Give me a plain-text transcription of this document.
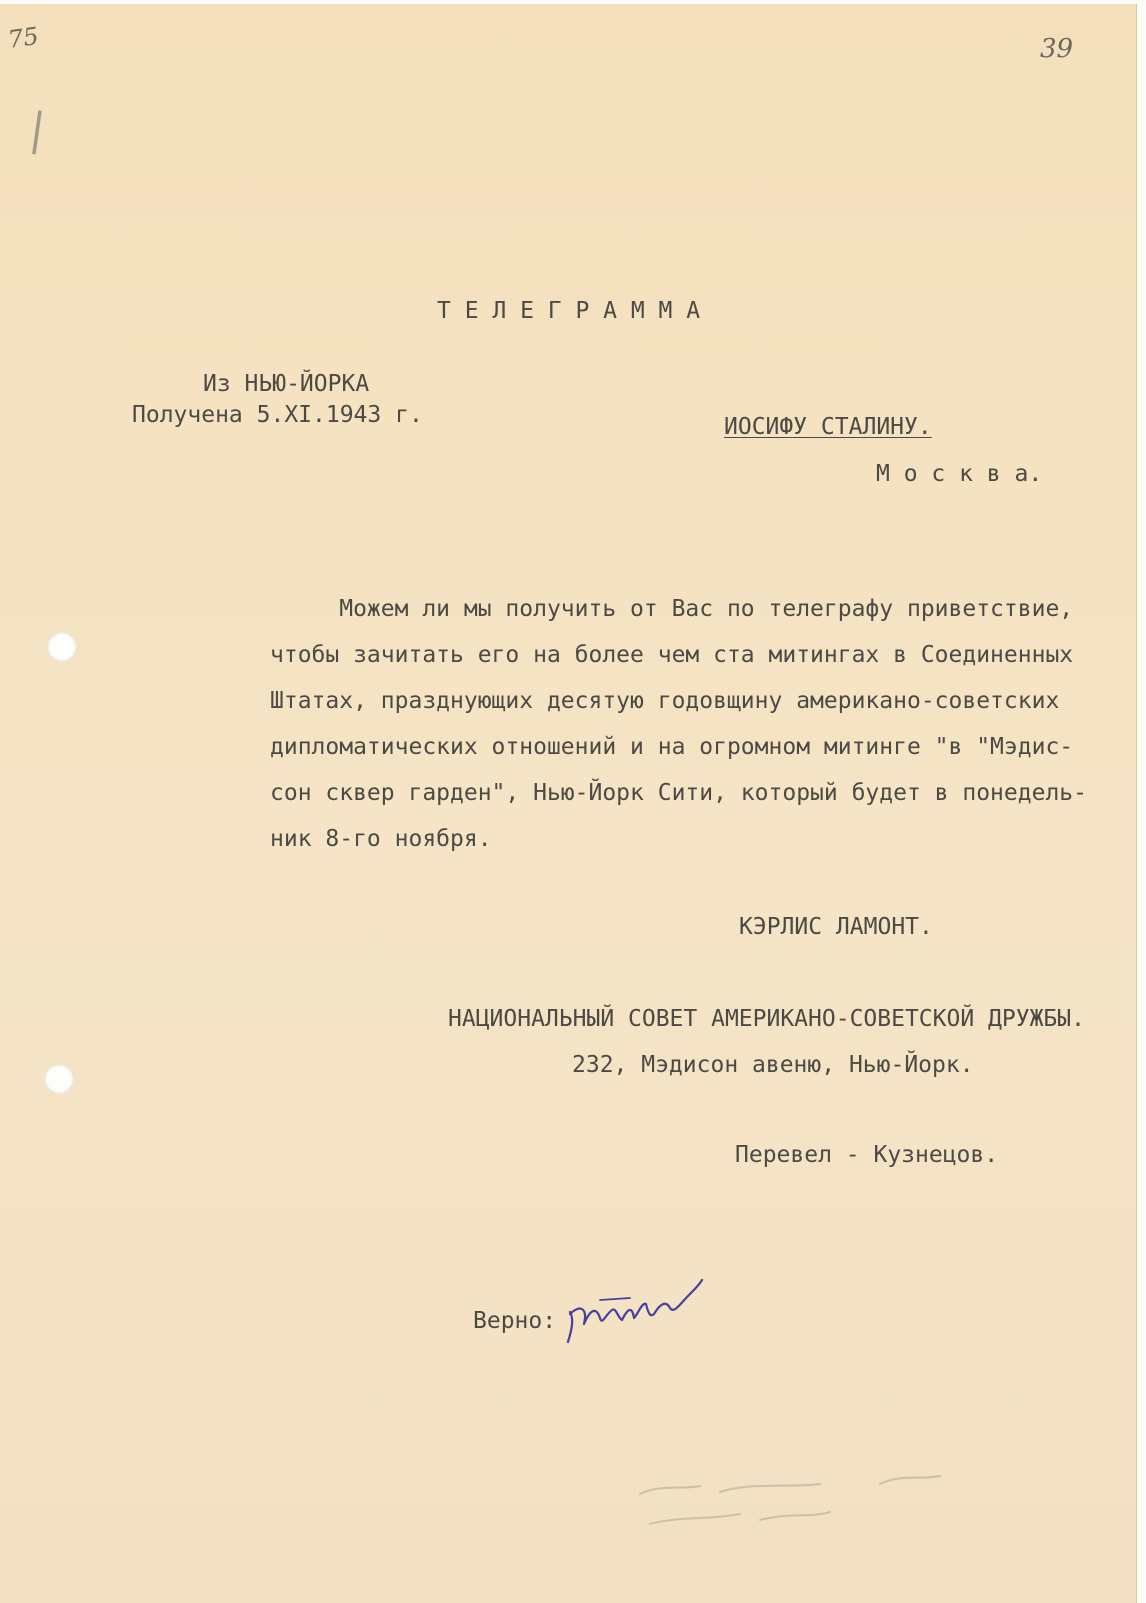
75
|
39
Т Е Л Е Г Р А М М А
Из НЬЮ-ЙОРКА
Получена 5.XI.1943 г.	ИОСИФУ СТАЛИНУ.
М о с к в а.
Можем ли мы получить от Вас по телеграфу приветствие,
чтобы зачитать его на более чем ста митингах в Соединенных
Штатах, празднующих десятую годовщину американо-советских
дипломатических отношений и на огромном митинге "в "Мэдис-
сон сквер гарден", Нью-Йорк Сити, который будет в понедель-
ник 8-го ноября.
КЭРЛИС ЛАМОНТ.
НАЦИОНАЛЬНЫЙ СОВЕТ АМЕРИКАНО-СОВЕТСКОЙ ДРУЖБЫ.
232, Мэдисон авеню, Нью-Йорк.
Перевел - Кузнецов.
Верно:
